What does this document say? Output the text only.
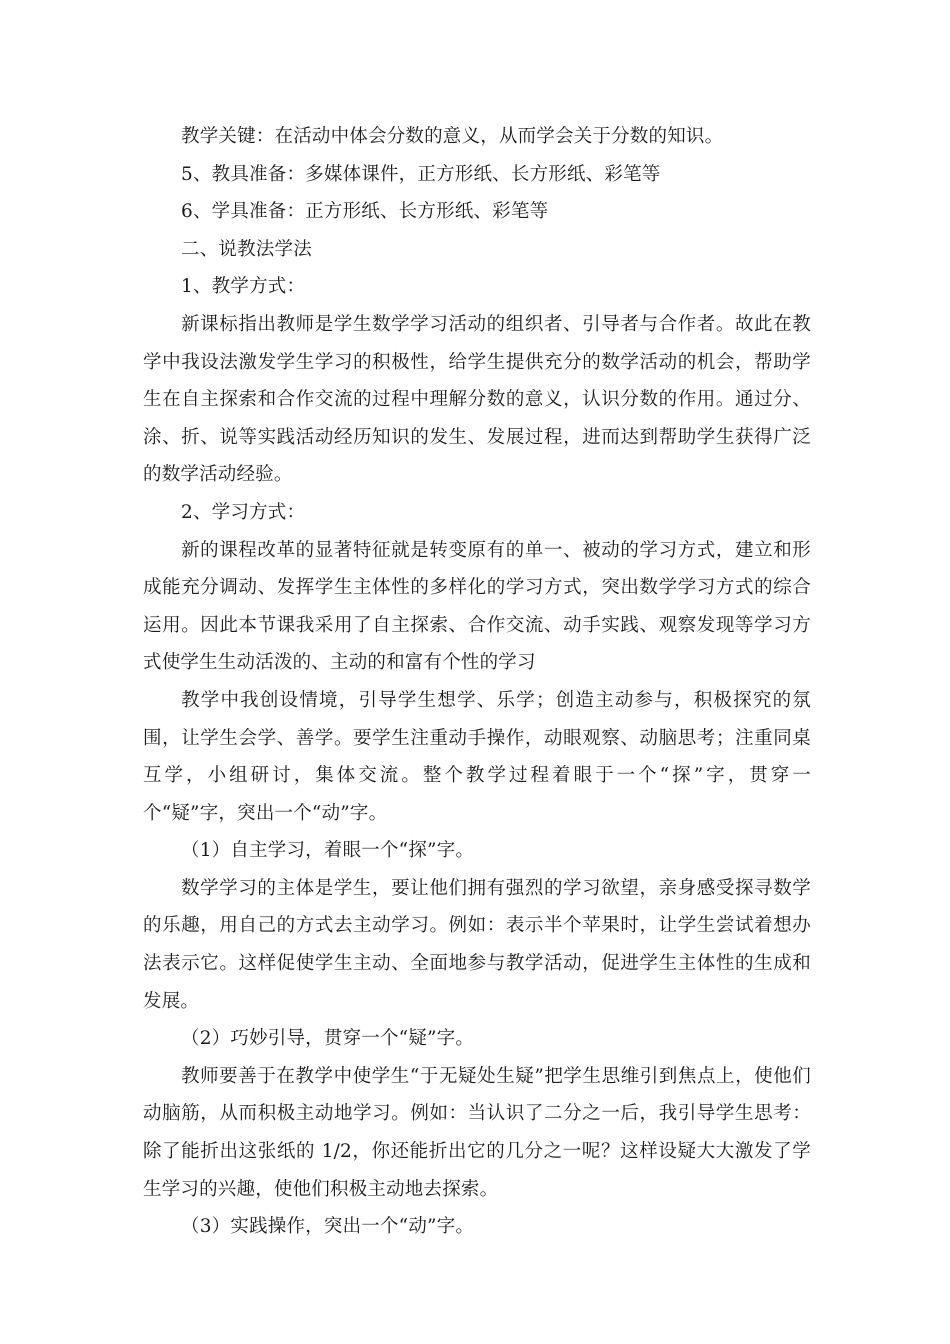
教学关键：在活动中体会分数的意义，从而学会关于分数的知识。

5、教具准备：多媒体课件，正方形纸、长方形纸、彩笔等

6、学具准备：正方形纸、长方形纸、彩笔等

二、说教法学法

1、教学方式：

新课标指出教师是学生数学学习活动的组织者、引导者与合作者。故此在教学中我设法激发学生学习的积极性，给学生提供充分的数学活动的机会，帮助学生在自主探索和合作交流的过程中理解分数的意义，认识分数的作用。通过分、涂、折、说等实践活动经历知识的发生、发展过程，进而达到帮助学生获得广泛的数学活动经验。

2、学习方式：

新的课程改革的显著特征就是转变原有的单一、被动的学习方式，建立和形成能充分调动、发挥学生主体性的多样化的学习方式，突出数学学习方式的综合运用。因此本节课我采用了自主探索、合作交流、动手实践、观察发现等学习方式使学生生动活泼的、主动的和富有个性的学习

教学中我创设情境，引导学生想学、乐学；创造主动参与，积极探究的氛围，让学生会学、善学。要学生注重动手操作，动眼观察、动脑思考；注重同桌互学，小组研讨，集体交流。整个教学过程着眼于一个“探”字，贯穿一个“疑”字，突出一个“动”字。

（1）自主学习，着眼一个“探”字。

数学学习的主体是学生，要让他们拥有强烈的学习欲望，亲身感受探寻数学的乐趣，用自己的方式去主动学习。例如：表示半个苹果时，让学生尝试着想办法表示它。这样促使学生主动、全面地参与教学活动，促进学生主体性的生成和发展。

（2）巧妙引导，贯穿一个“疑”字。

教师要善于在教学中使学生“于无疑处生疑”把学生思维引到焦点上，使他们动脑筋，从而积极主动地学习。例如：当认识了二分之一后，我引导学生思考：除了能折出这张纸的 1/2，你还能折出它的几分之一呢？这样设疑大大激发了学生学习的兴趣，使他们积极主动地去探索。

（3）实践操作，突出一个“动”字。
